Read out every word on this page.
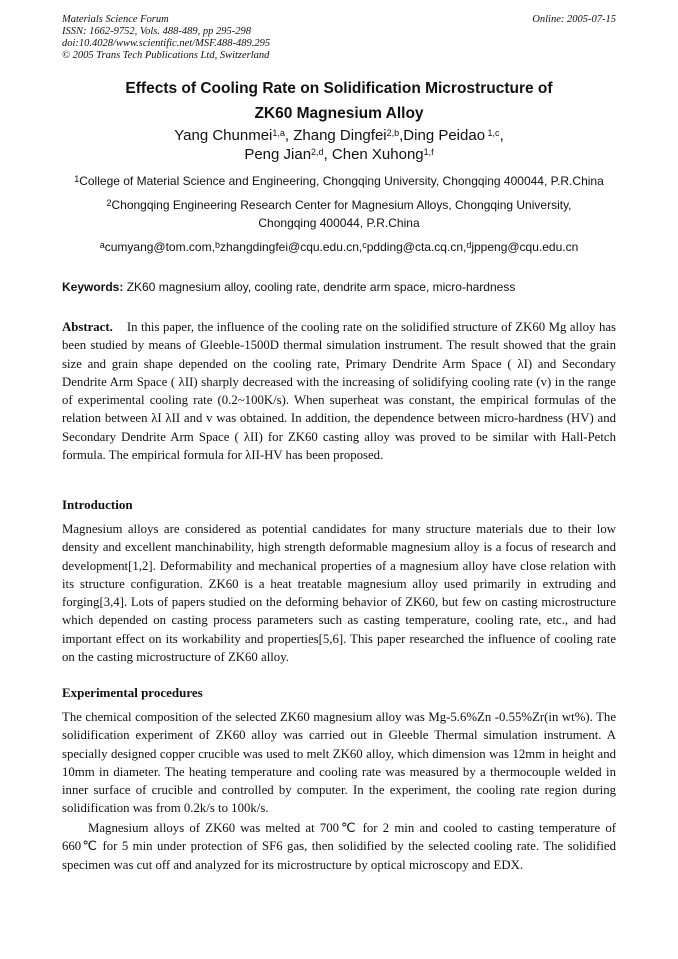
Materials Science Forum
ISSN: 1662-9752, Vols. 488-489, pp 295-298
doi:10.4028/www.scientific.net/MSF.488-489.295
© 2005 Trans Tech Publications Ltd, Switzerland
Online: 2005-07-15
Effects of Cooling Rate on Solidification Microstructure of
ZK60 Magnesium Alloy
Yang Chunmei$^{1,a}$, Zhang Dingfei$^{2,b}$,Ding Peidao $^{1,c}$,
Peng Jian$^{2,d}$, Chen Xuhong$^{1,f}$
$^1$College of Material Science and Engineering, Chongqing University, Chongqing 400044, P.R.China
$^2$Chongqing Engineering Research Center for Magnesium Alloys, Chongqing University,
Chongqing 400044, P.R.China
$^a$cumyang@tom.com,$^b$zhangdingfei@cqu.edu.cn,$^c$pdding@cta.cq.cn,$^d$jppeng@cqu.edu.cn
Keywords: ZK60 magnesium alloy, cooling rate, dendrite arm space, micro-hardness
Abstract. In this paper, the influence of the cooling rate on the solidified structure of ZK60 Mg alloy has been studied by means of Gleeble-1500D thermal simulation instrument. The result showed that the grain size and grain shape depended on the cooling rate, Primary Dendrite Arm Space ( λI) and Secondary Dendrite Arm Space ( λII) sharply decreased with the increasing of solidifying cooling rate (v) in the range of experimental cooling rate (0.2~100K/s). When superheat was constant, the empirical formulas of the relation between λI λII and v was obtained. In addition, the dependence between micro-hardness (HV) and Secondary Dendrite Arm Space ( λII) for ZK60 casting alloy was proved to be similar with Hall-Petch formula. The empirical formula for λII-HV has been proposed.
Introduction
Magnesium alloys are considered as potential candidates for many structure materials due to their low density and excellent manchinability, high strength deformable magnesium alloy is a focus of research and development[1,2]. Deformability and mechanical properties of a magnesium alloy have close relation with its structure configuration. ZK60 is a heat treatable magnesium alloy used primarily in extruding and forging[3,4]. Lots of papers studied on the deforming behavior of ZK60, but few on casting microstructure which depended on casting process parameters such as casting temperature, cooling rate, etc., and had important effect on its workability and properties[5,6]. This paper researched the influence of cooling rate on the casting microstructure of ZK60 alloy.
Experimental procedures
The chemical composition of the selected ZK60 magnesium alloy was Mg-5.6%Zn -0.55%Zr(in wt%). The solidification experiment of ZK60 alloy was carried out in Gleeble Thermal simulation instrument. A specially designed copper crucible was used to melt ZK60 alloy, which dimension was 12mm in height and 10mm in diameter. The heating temperature and cooling rate was measured by a thermocouple welded in inner surface of crucible and controlled by computer. In the experiment, the cooling rate region during solidification was from 0.2k/s to 100k/s.
Magnesium alloys of ZK60 was melted at 700℃ for 2 min and cooled to casting temperature of 660℃ for 5 min under protection of SF6 gas, then solidified by the selected cooling rate. The solidified specimen was cut off and analyzed for its microstructure by optical microscopy and EDX.
